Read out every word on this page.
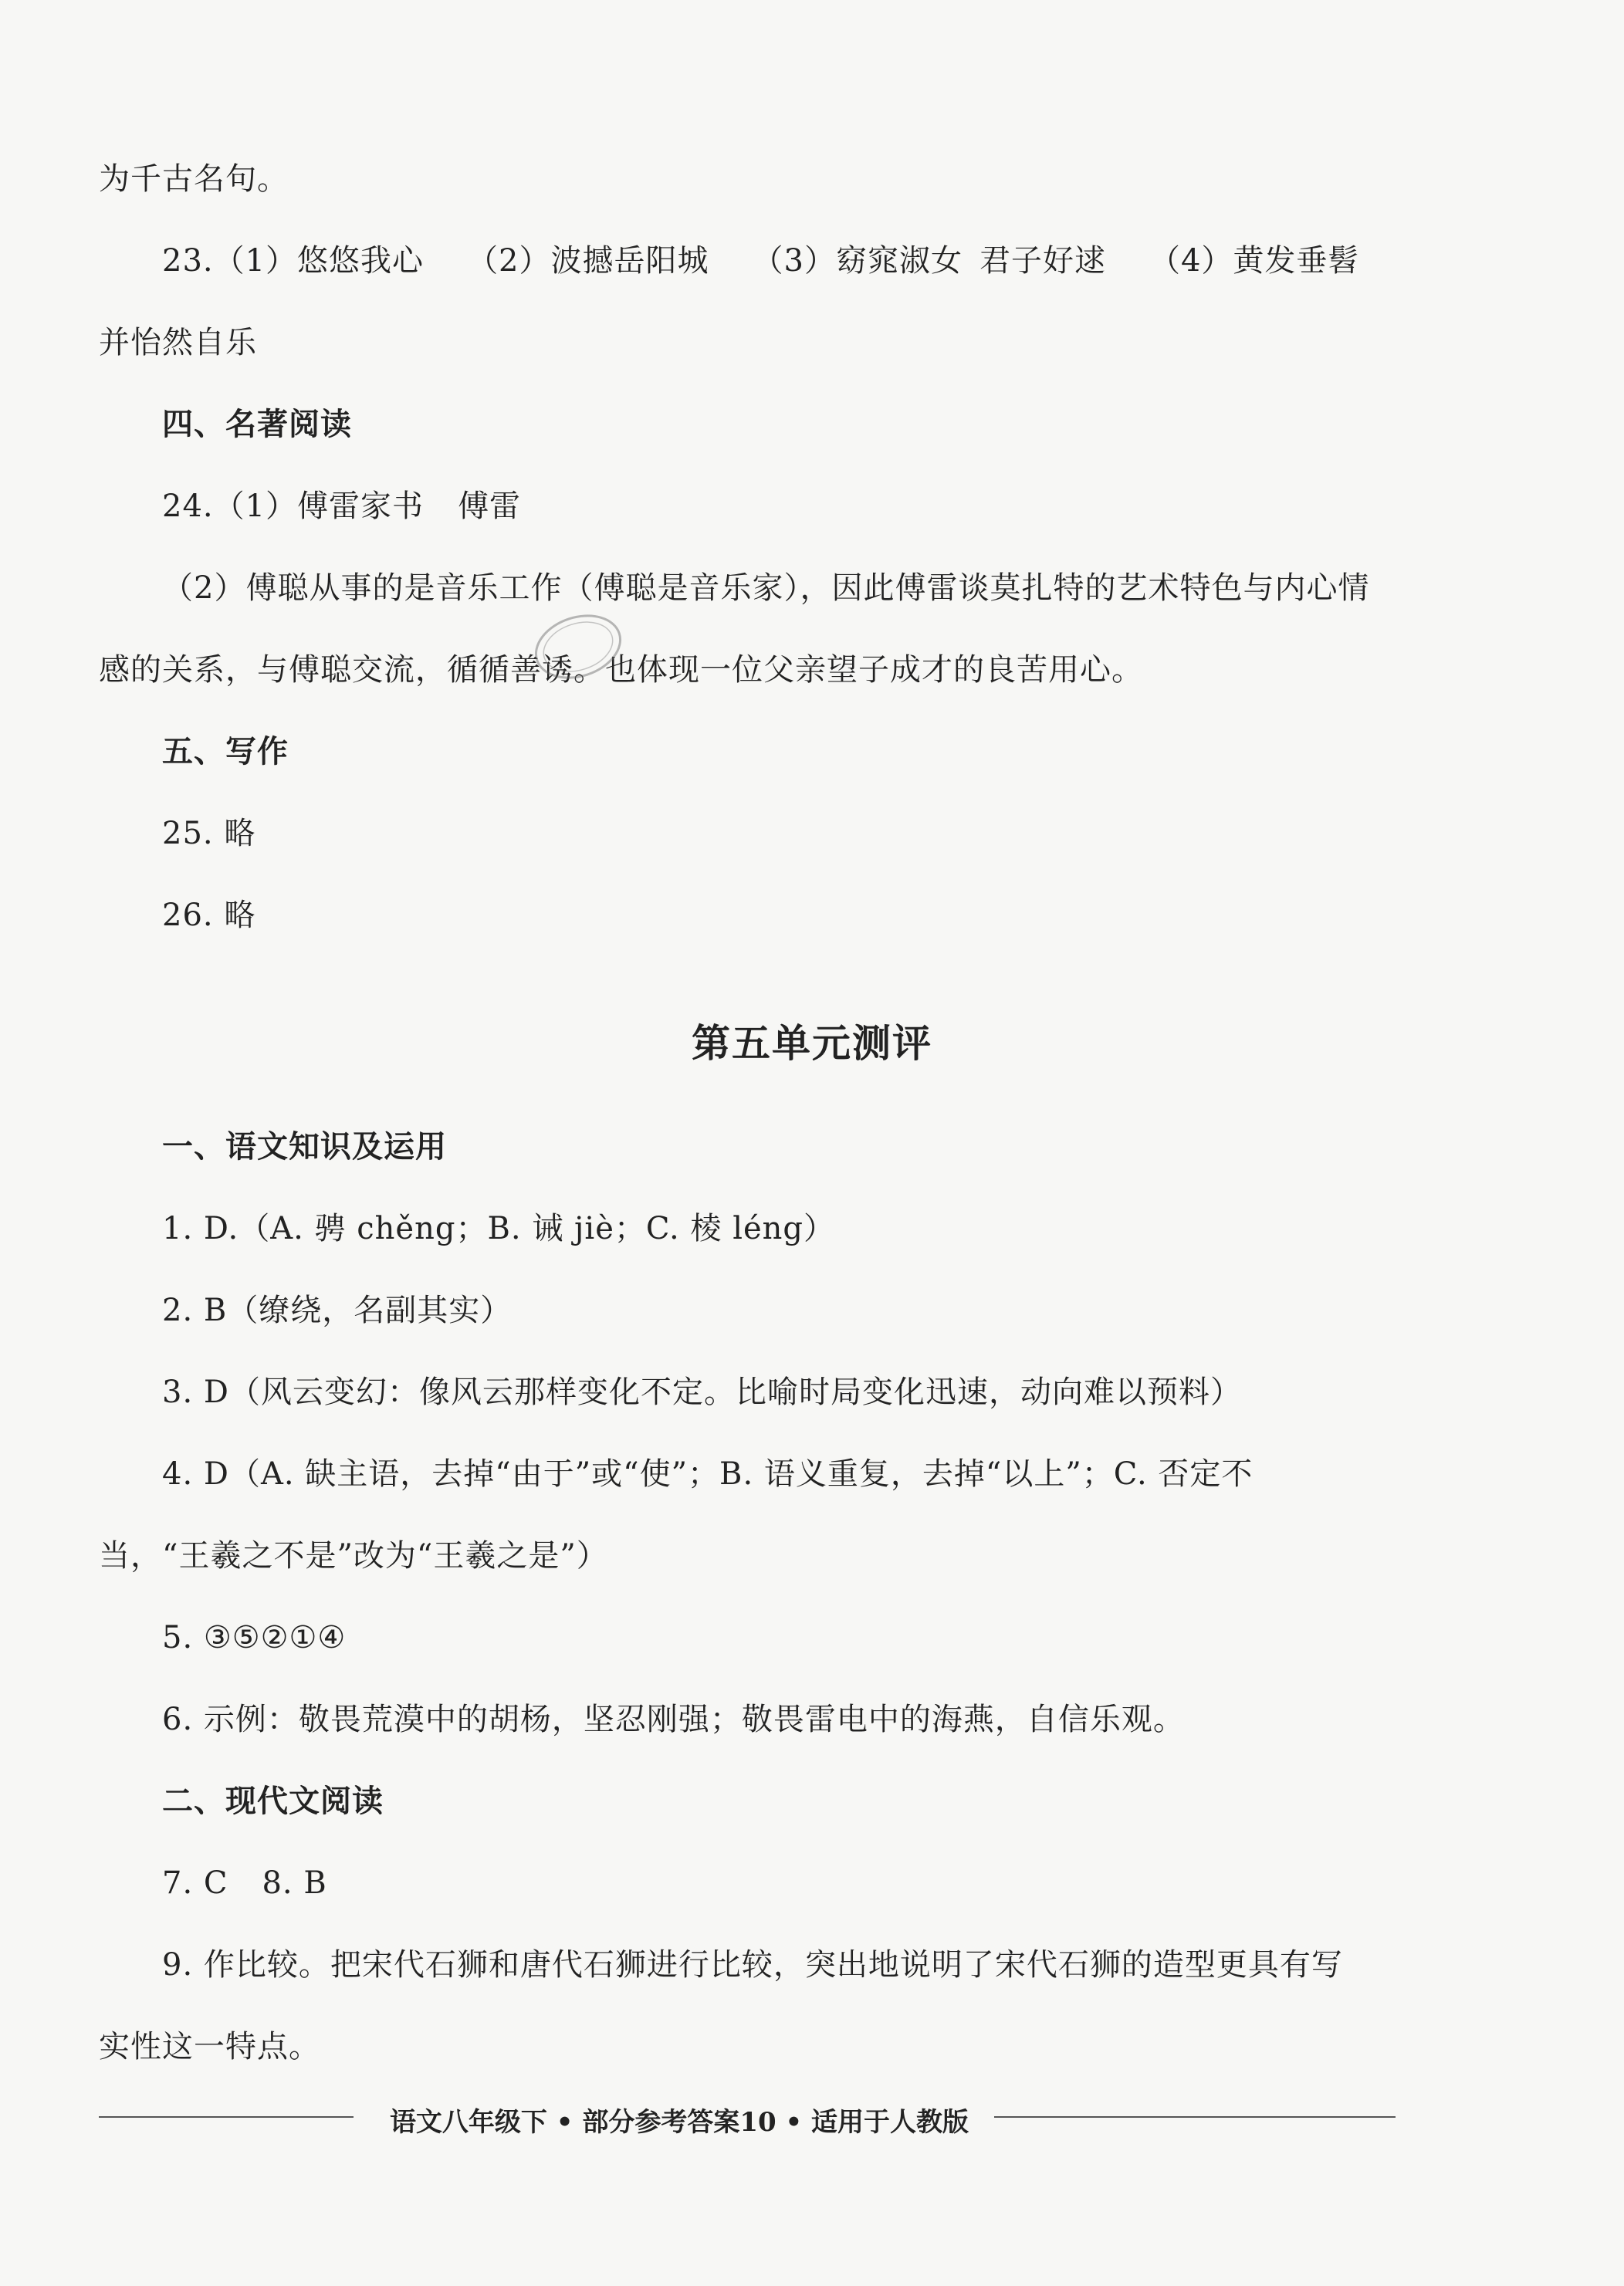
为千古名句。
23.（1）悠悠我心 （2）波撼岳阳城 （3）窈窕淑女 君子好逑 （4）黄发垂髫
并怡然自乐
四、名著阅读
24.（1）傅雷家书 傅雷
（2）傅聪从事的是音乐工作（傅聪是音乐家），因此傅雷谈莫扎特的艺术特色与内心情
感的关系，与傅聪交流，循循善诱。也体现一位父亲望子成才的良苦用心。
五、写作
25. 略
26. 略
第五单元测评
一、语文知识及运用
1. D.（A. 骋 chěng；B. 诫 jiè；C. 棱 léng）
2. B（缭绕，名副其实）
3. D（风云变幻：像风云那样变化不定。比喻时局变化迅速，动向难以预料）
4. D（A. 缺主语，去掉“由于”或“使”；B. 语义重复，去掉“以上”；C. 否定不
当，“王羲之不是”改为“王羲之是”）
5. ③⑤②①④
6. 示例：敬畏荒漠中的胡杨，坚忍刚强；敬畏雷电中的海燕，自信乐观。
二、现代文阅读
7. C 8. B
9. 作比较。把宋代石狮和唐代石狮进行比较，突出地说明了宋代石狮的造型更具有写
实性这一特点。
语文八年级下 • 部分参考答案10 • 适用于人教版
